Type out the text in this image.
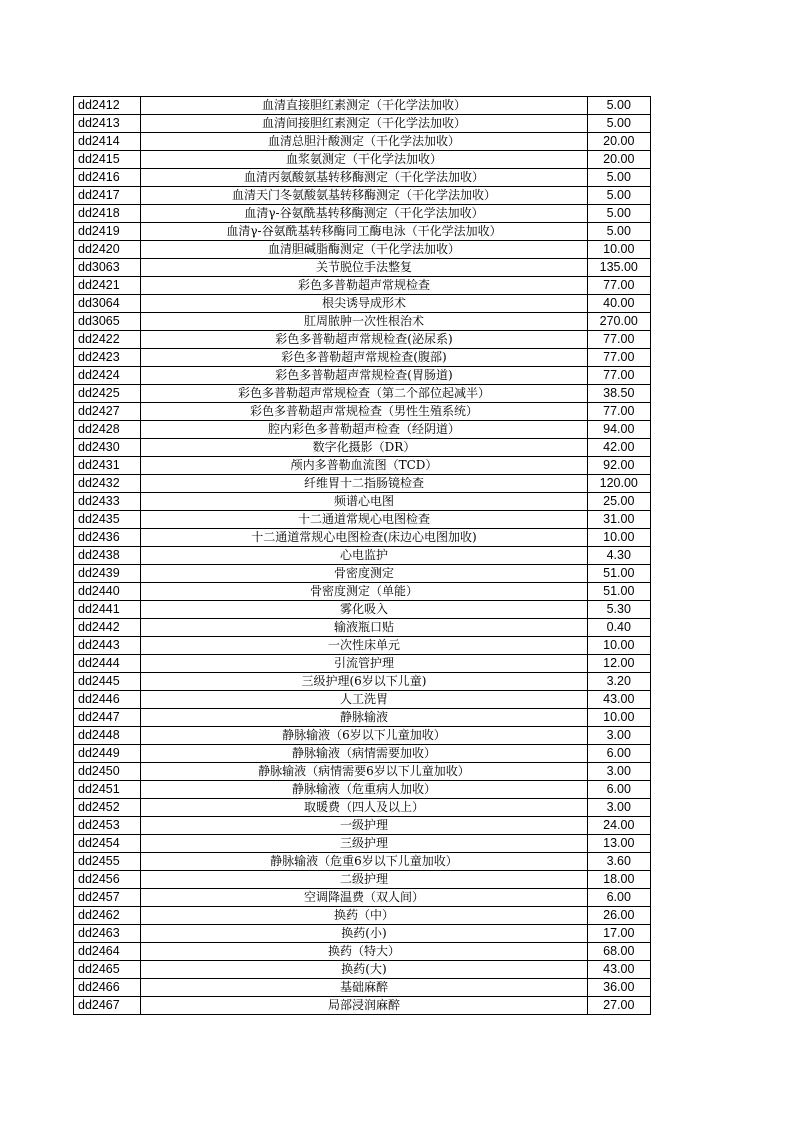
dd2412	血清直接胆红素测定（干化学法加收）	5.00
dd2413	血清间接胆红素测定（干化学法加收）	5.00
dd2414	血清总胆汁酸测定（干化学法加收）	20.00
dd2415	血浆氨测定（干化学法加收）	20.00
dd2416	血清丙氨酸氨基转移酶测定（干化学法加收）	5.00
dd2417	血清天门冬氨酸氨基转移酶测定（干化学法加收）	5.00
dd2418	血清γ-谷氨酰基转移酶测定（干化学法加收）	5.00
dd2419	血清γ-谷氨酰基转移酶同工酶电泳（干化学法加收）	5.00
dd2420	血清胆碱脂酶测定（干化学法加收）	10.00
dd3063	关节脱位手法整复	135.00
dd2421	彩色多普勒超声常规检查	77.00
dd3064	根尖诱导成形术	40.00
dd3065	肛周脓肿一次性根治术	270.00
dd2422	彩色多普勒超声常规检查(泌尿系)	77.00
dd2423	彩色多普勒超声常规检查(腹部)	77.00
dd2424	彩色多普勒超声常规检查(胃肠道)	77.00
dd2425	彩色多普勒超声常规检查（第二个部位起减半）	38.50
dd2427	彩色多普勒超声常规检查（男性生殖系统）	77.00
dd2428	腔内彩色多普勒超声检查（经阴道）	94.00
dd2430	数字化摄影（DR）	42.00
dd2431	颅内多普勒血流图（TCD）	92.00
dd2432	纤维胃十二指肠镜检查	120.00
dd2433	频谱心电图	25.00
dd2435	十二通道常规心电图检查	31.00
dd2436	十二通道常规心电图检查(床边心电图加收)	10.00
dd2438	心电监护	4.30
dd2439	骨密度测定	51.00
dd2440	骨密度测定（单能）	51.00
dd2441	雾化吸入	5.30
dd2442	输液瓶口贴	0.40
dd2443	一次性床单元	10.00
dd2444	引流管护理	12.00
dd2445	三级护理(6岁以下儿童)	3.20
dd2446	人工洗胃	43.00
dd2447	静脉输液	10.00
dd2448	静脉输液（6岁以下儿童加收）	3.00
dd2449	静脉输液（病情需要加收）	6.00
dd2450	静脉输液（病情需要6岁以下儿童加收）	3.00
dd2451	静脉输液（危重病人加收）	6.00
dd2452	取暖费（四人及以上）	3.00
dd2453	一级护理	24.00
dd2454	三级护理	13.00
dd2455	静脉输液（危重6岁以下儿童加收）	3.60
dd2456	二级护理	18.00
dd2457	空调降温费（双人间）	6.00
dd2462	换药（中）	26.00
dd2463	换药(小)	17.00
dd2464	换药（特大）	68.00
dd2465	换药(大)	43.00
dd2466	基础麻醉	36.00
dd2467	局部浸润麻醉	27.00
